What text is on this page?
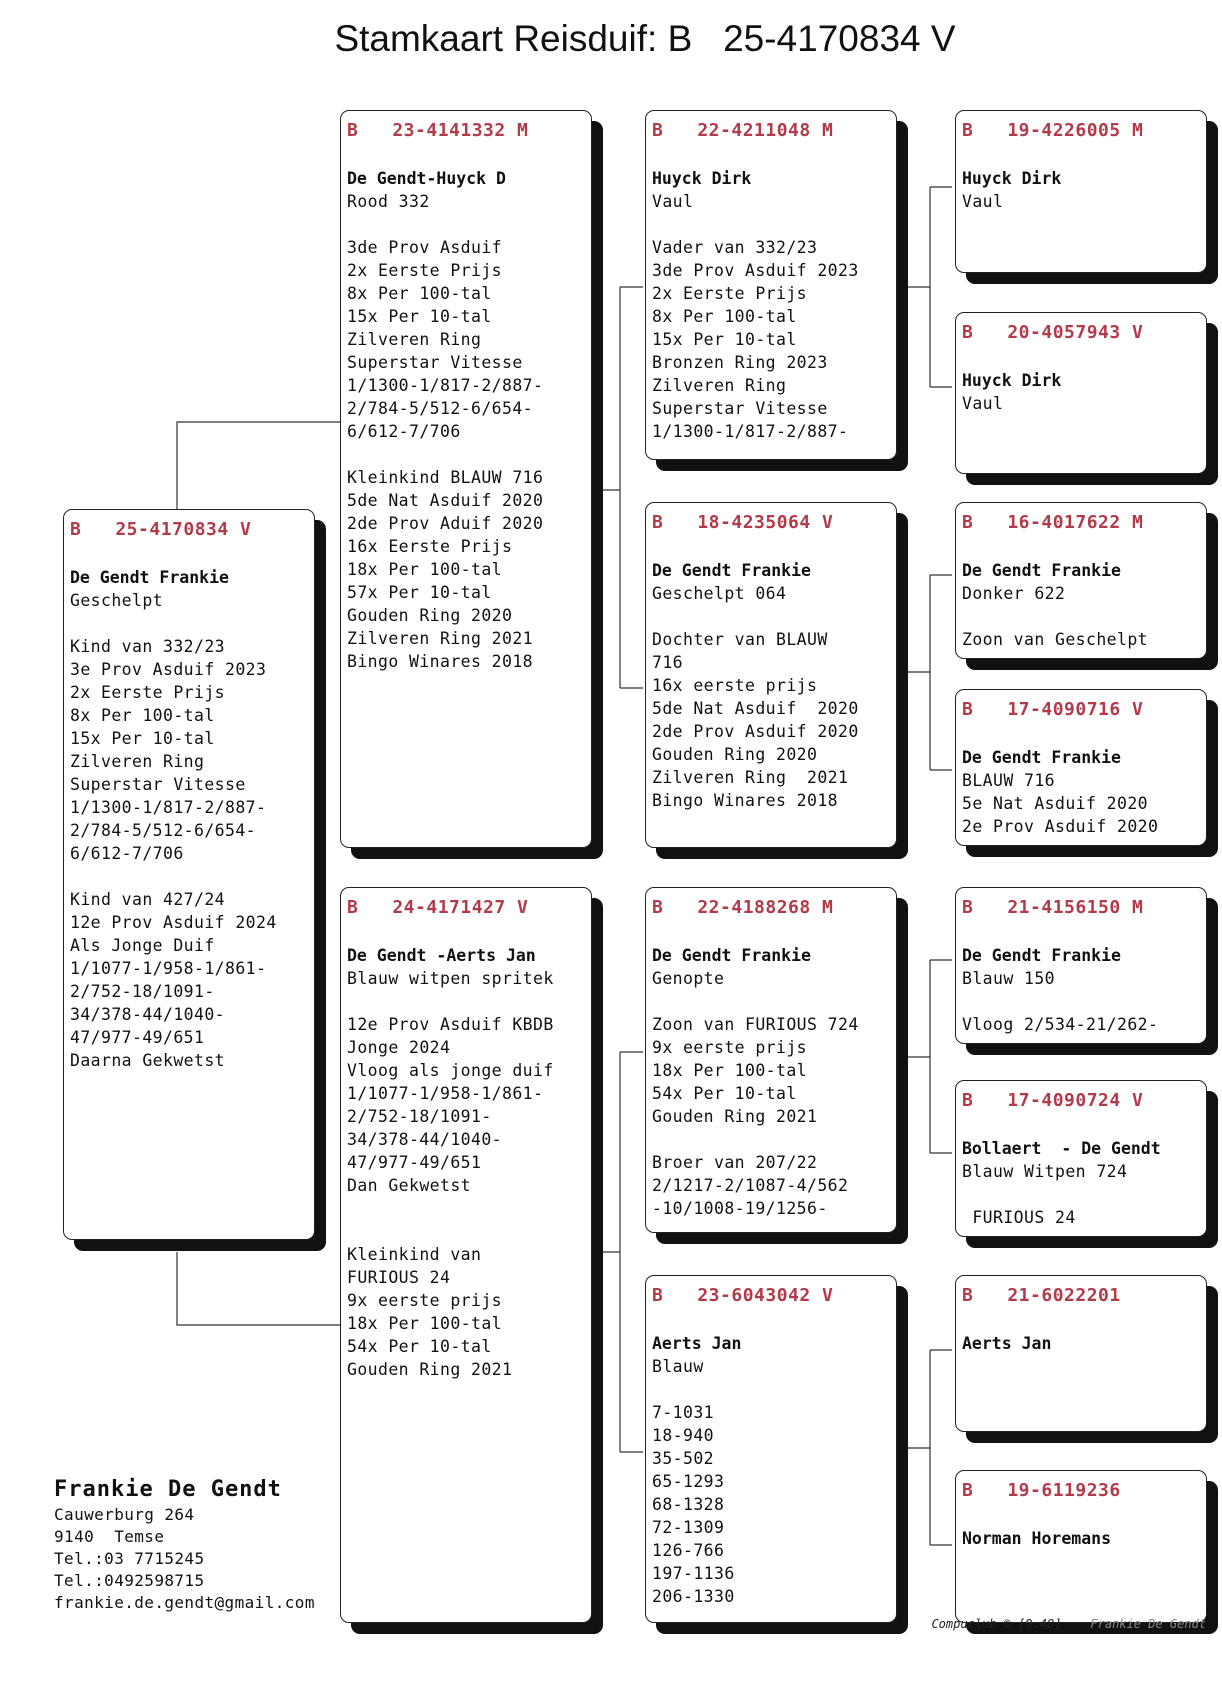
Stamkaart Reisduif: B   25-4170834 V
B   25-4170834 V
De Gendt Frankie
Geschelpt

Kind van 332/23
3e Prov Asduif 2023
2x Eerste Prijs
8x Per 100-tal
15x Per 10-tal
Zilveren Ring
Superstar Vitesse
1/1300-1/817-2/887-
2/784-5/512-6/654-
6/612-7/706

Kind van 427/24
12e Prov Asduif 2024
Als Jonge Duif
1/1077-1/958-1/861-
2/752-18/1091-
34/378-44/1040-
47/977-49/651
Daarna Gekwetst
B   23-4141332 M
De Gendt-Huyck D
Rood 332

3de Prov Asduif
2x Eerste Prijs
8x Per 100-tal
15x Per 10-tal
Zilveren Ring
Superstar Vitesse
1/1300-1/817-2/887-
2/784-5/512-6/654-
6/612-7/706

Kleinkind BLAUW 716
5de Nat Asduif 2020
2de Prov Aduif 2020
16x Eerste Prijs
18x Per 100-tal
57x Per 10-tal
Gouden Ring 2020
Zilveren Ring 2021
Bingo Winares 2018
B   24-4171427 V
De Gendt -Aerts Jan
Blauw witpen spritek

12e Prov Asduif KBDB
Jonge 2024
Vloog als jonge duif
1/1077-1/958-1/861-
2/752-18/1091-
34/378-44/1040-
47/977-49/651
Dan Gekwetst

Kleinkind van
FURIOUS 24
9x eerste prijs
18x Per 100-tal
54x Per 10-tal
Gouden Ring 2021
B   22-4211048 M
Huyck Dirk
Vaul

Vader van 332/23
3de Prov Asduif 2023
2x Eerste Prijs
8x Per 100-tal
15x Per 10-tal
Bronzen Ring 2023
Zilveren Ring
Superstar Vitesse
1/1300-1/817-2/887-
B   18-4235064 V
De Gendt Frankie
Geschelpt 064

Dochter van BLAUW
716
16x eerste prijs
5de Nat Asduif  2020
2de Prov Asduif 2020
Gouden Ring 2020
Zilveren Ring  2021
Bingo Winares 2018
B   22-4188268 M
De Gendt Frankie
Genopte

Zoon van FURIOUS 724
9x eerste prijs
18x Per 100-tal
54x Per 10-tal
Gouden Ring 2021

Broer van 207/22
2/1217-2/1087-4/562
-10/1008-19/1256-
B   23-6043042 V
Aerts Jan
Blauw

7-1031
18-940
35-502
65-1293
68-1328
72-1309
126-766
197-1136
206-1330
B   19-4226005 M
Huyck Dirk
Vaul
B   20-4057943 V
Huyck Dirk
Vaul
B   16-4017622 M
De Gendt Frankie
Donker 622

Zoon van Geschelpt
B   17-4090716 V
De Gendt Frankie
BLAUW 716
5e Nat Asduif 2020
2e Prov Asduif 2020
B   21-4156150 M
De Gendt Frankie
Blauw 150

Vloog 2/534-21/262-
B   17-4090724 V
Bollaert  - De Gendt
Blauw Witpen 724

FURIOUS 24
B   21-6022201
Aerts Jan
B   19-6119236
Norman Horemans
Frankie De Gendt
Cauwerburg 264
9140  Temse
Tel.:03 7715245
Tel.:0492598715
frankie.de.gendt@gmail.com
Compuclub © [9.48] Frankie De Gendt
